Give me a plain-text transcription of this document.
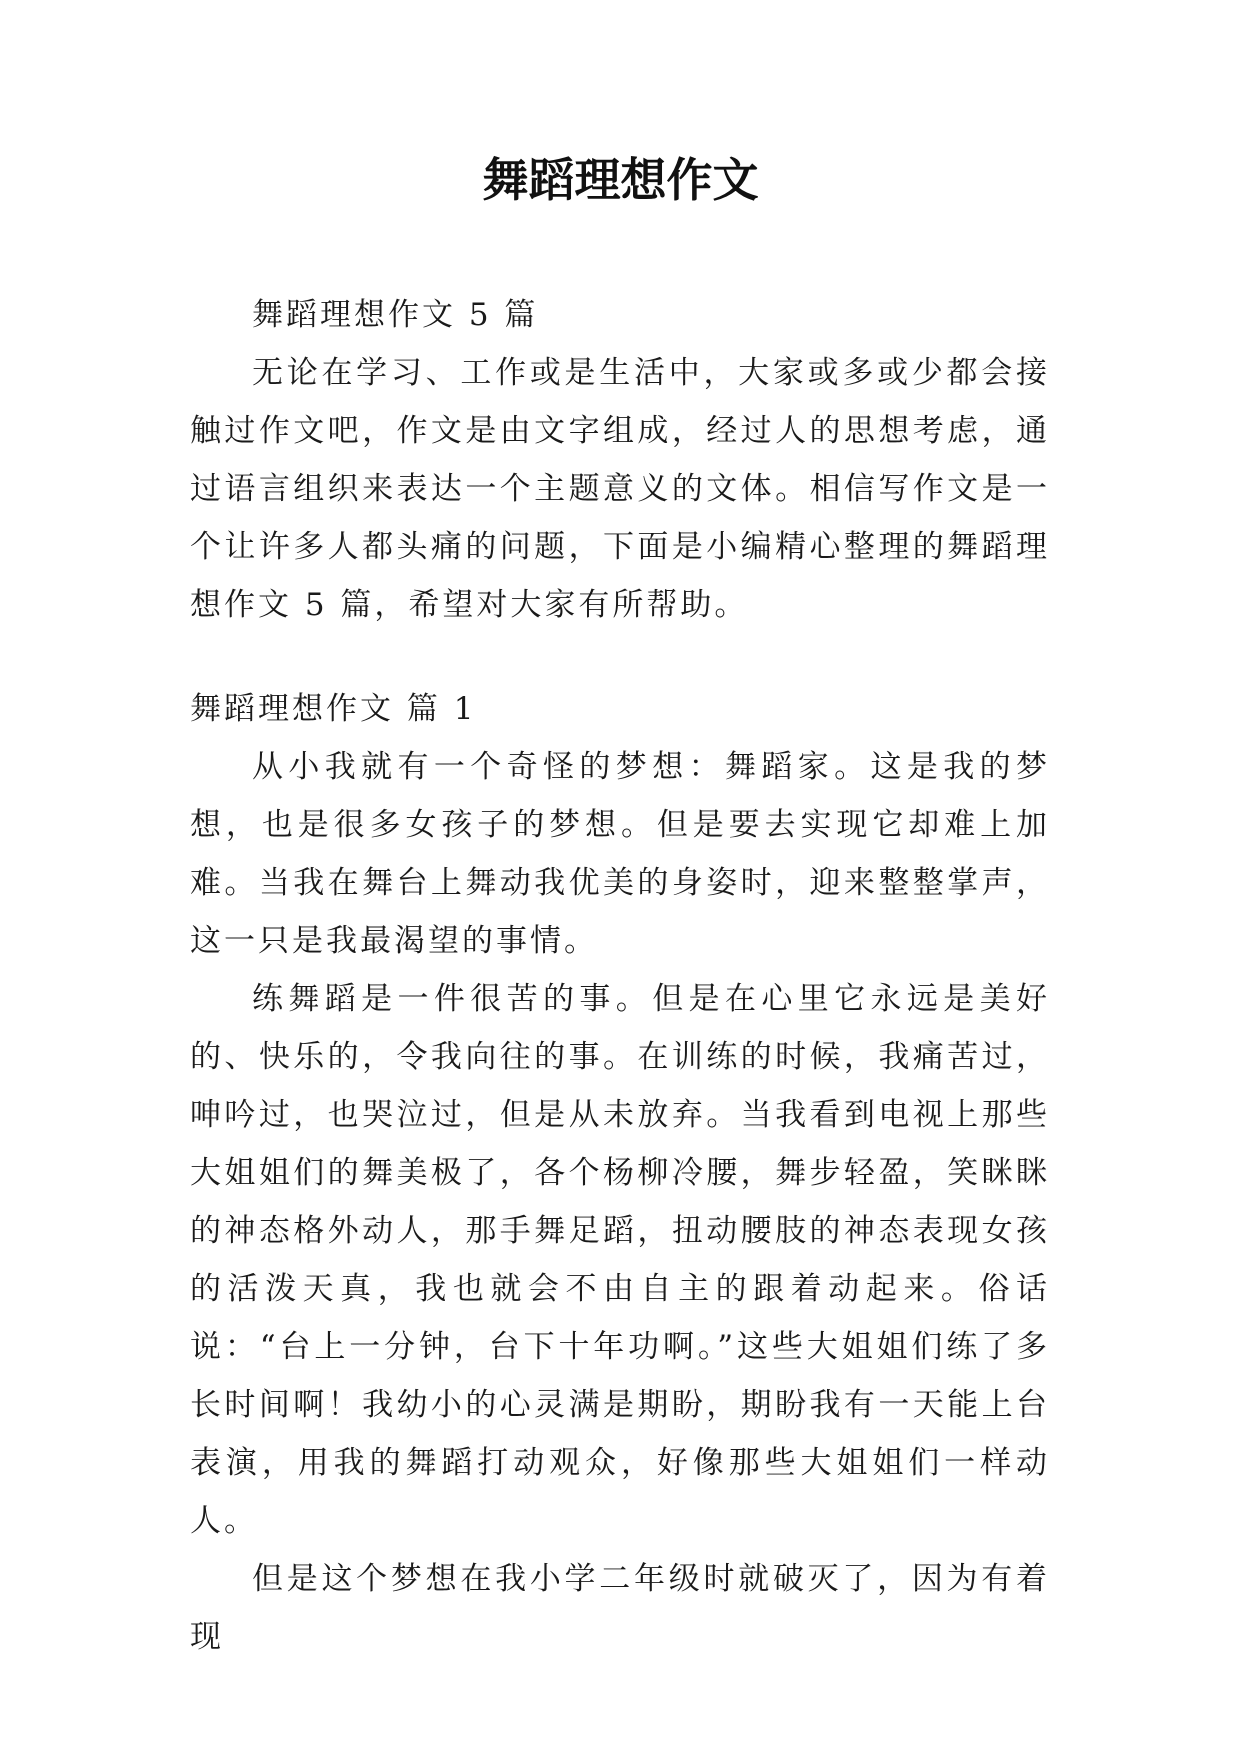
舞蹈理想作文

舞蹈理想作文 5 篇

无论在学习、工作或是生活中，大家或多或少都会接触过作文吧，作文是由文字组成，经过人的思想考虑，通过语言组织来表达一个主题意义的文体。相信写作文是一个让许多人都头痛的问题，下面是小编精心整理的舞蹈理想作文 5 篇，希望对大家有所帮助。

舞蹈理想作文 篇 1

从小我就有一个奇怪的梦想：舞蹈家。这是我的梦想，也是很多女孩子的梦想。但是要去实现它却难上加难。当我在舞台上舞动我优美的身姿时，迎来整整掌声，这一只是我最渴望的事情。

练舞蹈是一件很苦的事。但是在心里它永远是美好的、快乐的，令我向往的事。在训练的时候，我痛苦过，呻吟过，也哭泣过，但是从未放弃。当我看到电视上那些大姐姐们的舞美极了，各个杨柳冷腰，舞步轻盈，笑眯眯的神态格外动人，那手舞足蹈，扭动腰肢的神态表现女孩的活泼天真，我也就会不由自主的跟着动起来。俗话说：“台上一分钟，台下十年功啊。”这些大姐姐们练了多长时间啊！我幼小的心灵满是期盼，期盼我有一天能上台表演，用我的舞蹈打动观众，好像那些大姐姐们一样动人。

但是这个梦想在我小学二年级时就破灭了，因为有着现
